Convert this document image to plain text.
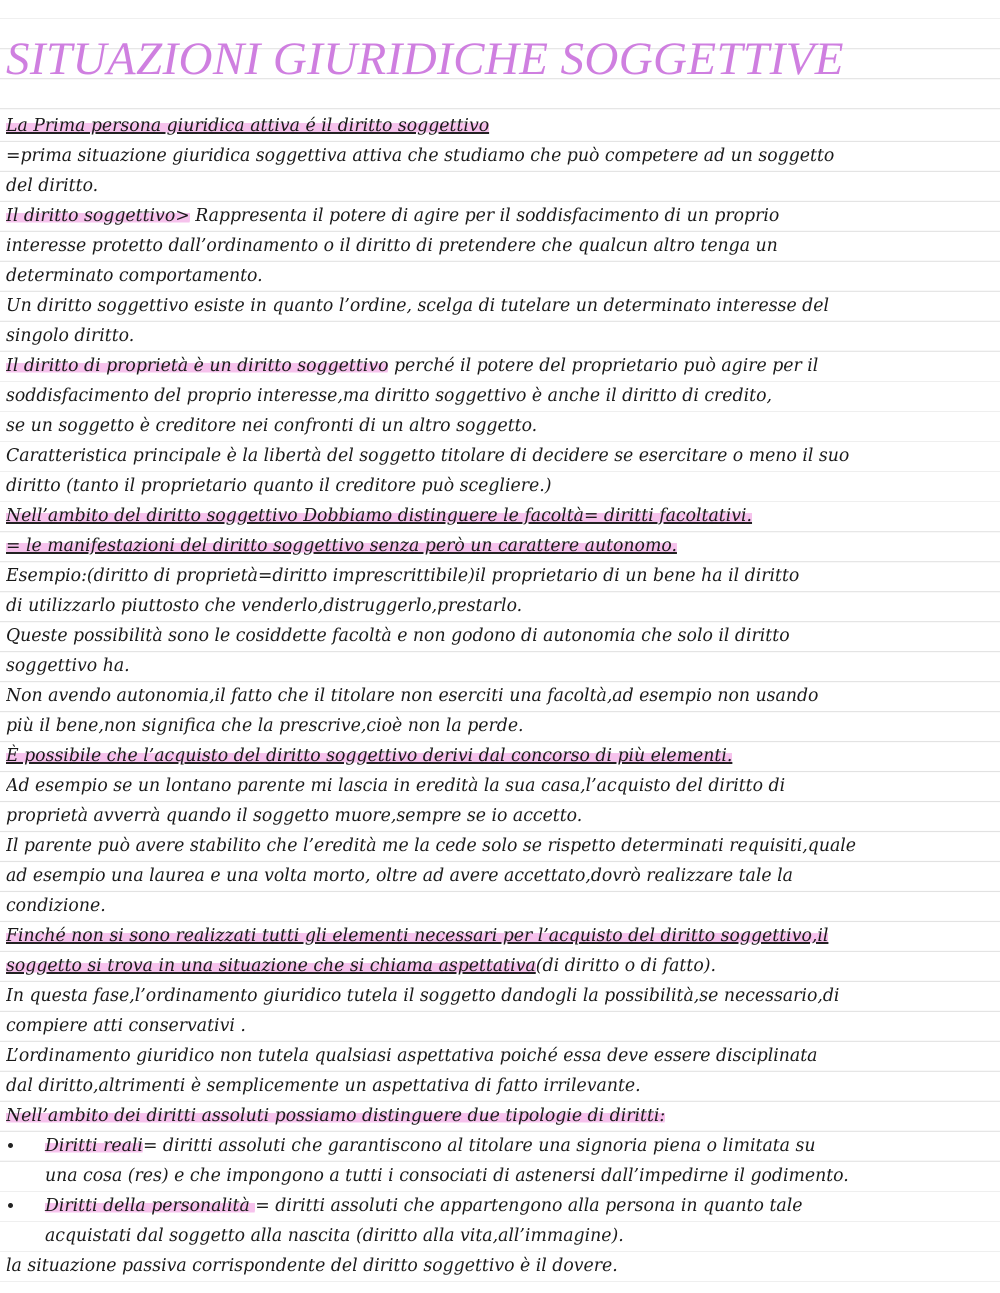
SITUAZIONI GIURIDICHE SOGGETTIVE
La Prima persona giuridica attiva é il diritto soggettivo
=prima situazione giuridica soggettiva attiva che studiamo che può competere ad un soggetto
del diritto.
Il diritto soggettivo> Rappresenta il potere di agire per il soddisfacimento di un proprio
interesse protetto dall’ordinamento o il diritto di pretendere che qualcun altro tenga un
determinato comportamento.
Un diritto soggettivo esiste in quanto l’ordine, scelga di tutelare un determinato interesse del
singolo diritto.
Il diritto di proprietà è un diritto soggettivo perché il potere del proprietario può agire per il
soddisfacimento del proprio interesse,ma diritto soggettivo è anche il diritto di credito,
se un soggetto è creditore nei confronti di un altro soggetto.
Caratteristica principale è la libertà del soggetto titolare di decidere se esercitare o meno il suo
diritto (tanto il proprietario quanto il creditore può scegliere.)
Nell’ambito del diritto soggettivo Dobbiamo distinguere le facoltà= diritti facoltativi.
= le manifestazioni del diritto soggettivo senza però un carattere autonomo.
Esempio:(diritto di proprietà=diritto imprescrittibile)il proprietario di un bene ha il diritto
di utilizzarlo piuttosto che venderlo,distruggerlo,prestarlo.
Queste possibilità sono le cosiddette facoltà e non godono di autonomia che solo il diritto
soggettivo ha.
Non avendo autonomia,il fatto che il titolare non eserciti una facoltà,ad esempio non usando
più il bene,non significa che la prescrive,cioè non la perde.
È possibile che l’acquisto del diritto soggettivo derivi dal concorso di più elementi.
Ad esempio se un lontano parente mi lascia in eredità la sua casa,l’acquisto del diritto di
proprietà avverrà quando il soggetto muore,sempre se io accetto.
Il parente può avere stabilito che l’eredità me la cede solo se rispetto determinati requisiti,quale
ad esempio una laurea e una volta morto, oltre ad avere accettato,dovrò realizzare tale la
condizione.
Finché non si sono realizzati tutti gli elementi necessari per l’acquisto del diritto soggettivo,il
soggetto si trova in una situazione che si chiama aspettativa(di diritto o di fatto).
In questa fase,l’ordinamento giuridico tutela il soggetto dandogli la possibilità,se necessario,di
compiere atti conservativi .
L’ordinamento giuridico non tutela qualsiasi aspettativa poiché essa deve essere disciplinata
dal diritto,altrimenti è semplicemente un aspettativa di fatto irrilevante.
Nell’ambito dei diritti assoluti possiamo distinguere due tipologie di diritti:
Diritti reali= diritti assoluti che garantiscono al titolare una signoria piena o limitata su
una cosa (res) e che impongono a tutti i consociati di astenersi dall’impedirne il godimento.
Diritti della personalità = diritti assoluti che appartengono alla persona in quanto tale
acquistati dal soggetto alla nascita (diritto alla vita,all’immagine).
la situazione passiva corrispondente del diritto soggettivo è il dovere.
